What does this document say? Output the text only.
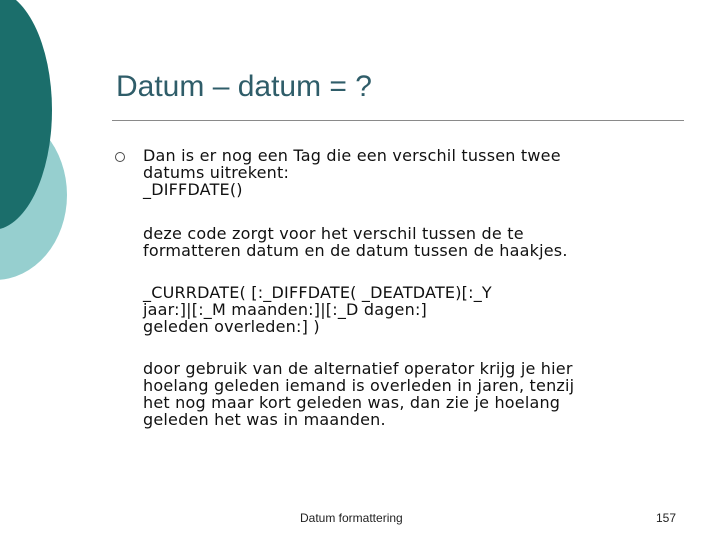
Datum – datum = ?

Dan is er nog een Tag die een verschil tussen twee
datums uitrekent:
_DIFFDATE()

deze code zorgt voor het verschil tussen de te
formatteren datum en de datum tussen de haakjes.

_CURRDATE( [:_DIFFDATE( _DEATDATE)[:_Y
jaar:]|[:_M maanden:]|[:_D dagen:]
geleden overleden:] )

door gebruik van de alternatief operator krijg je hier
hoelang geleden iemand is overleden in jaren, tenzij
het nog maar kort geleden was, dan zie je hoelang
geleden het was in maanden.

Datum formattering	157
